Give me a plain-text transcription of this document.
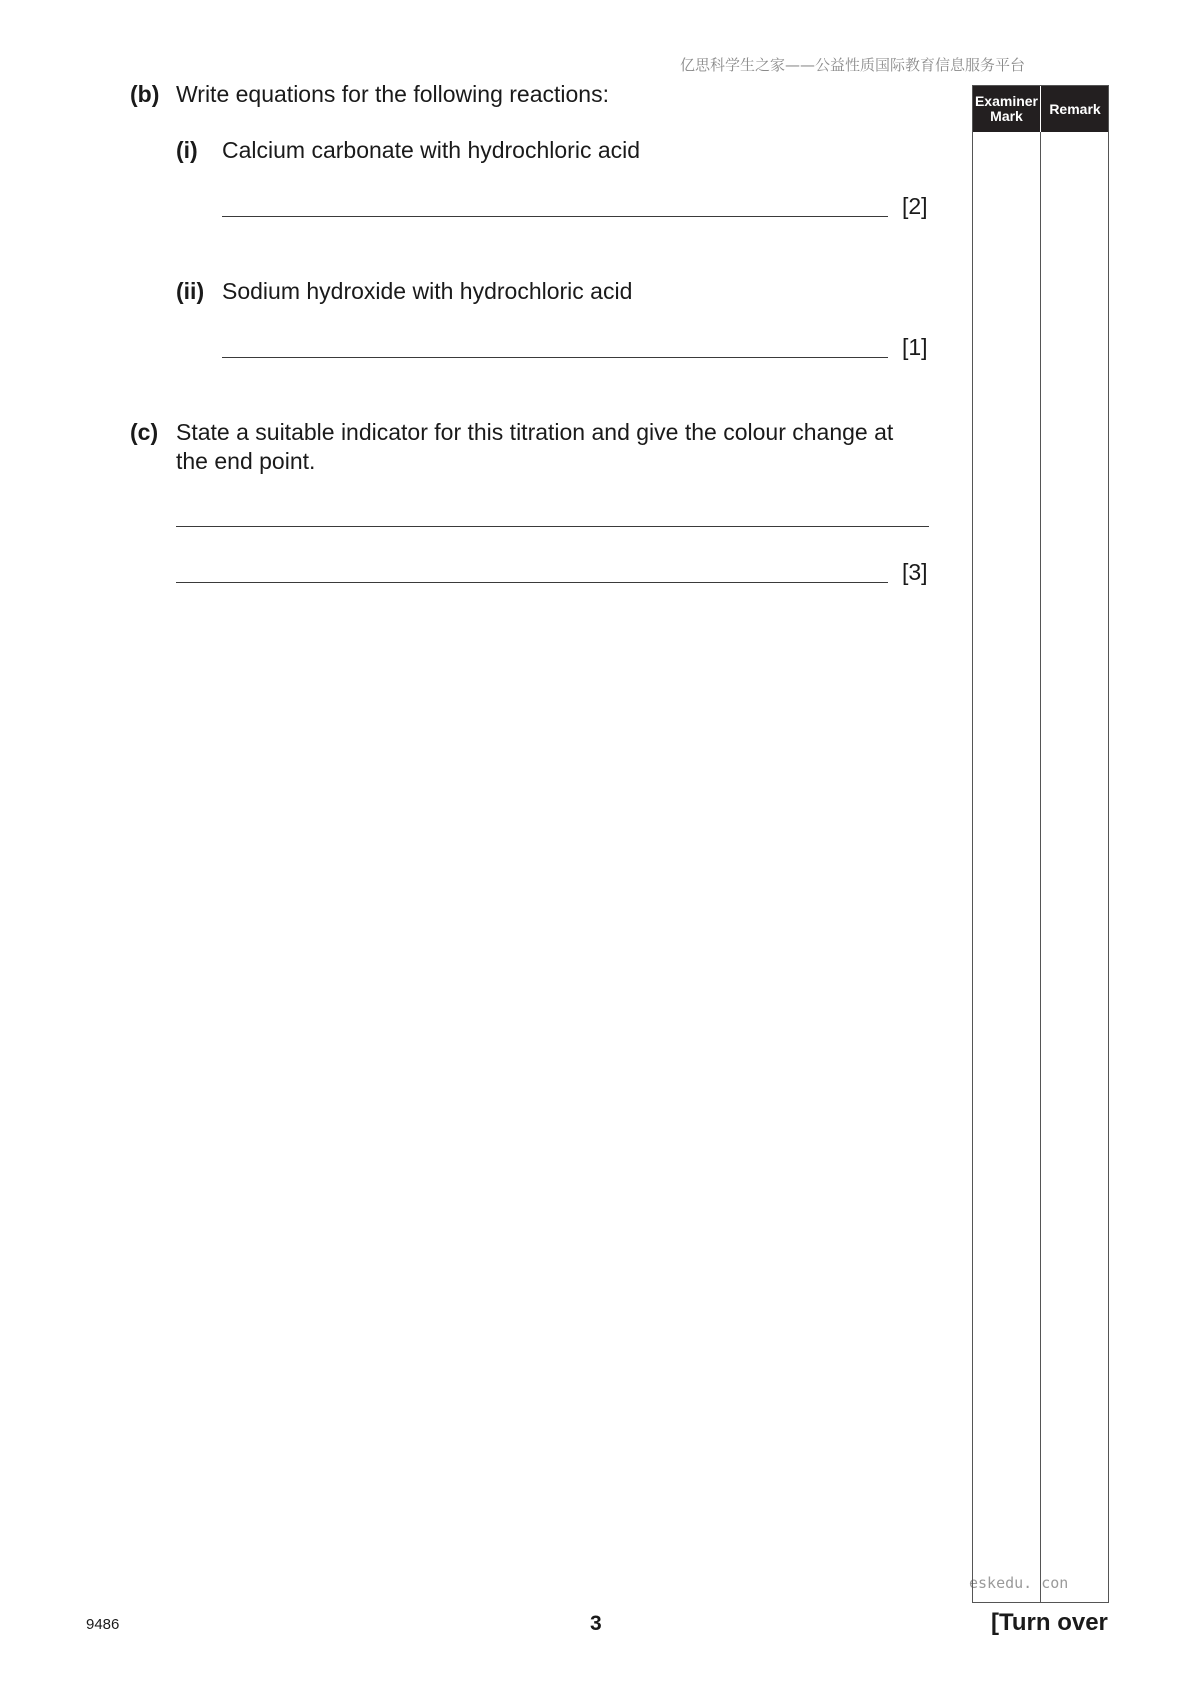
亿思科学生之家——公益性质国际教育信息服务平台
eskedu. con
(b) Write equations for the following reactions:
(i) Calcium carbonate with hydrochloric acid
[2]
(ii) Sodium hydroxide with hydrochloric acid
[1]
(c) State a suitable indicator for this titration and give the colour change at the end point.
[3]
Examiner Mark	Remark
9486	3	[Turn over
